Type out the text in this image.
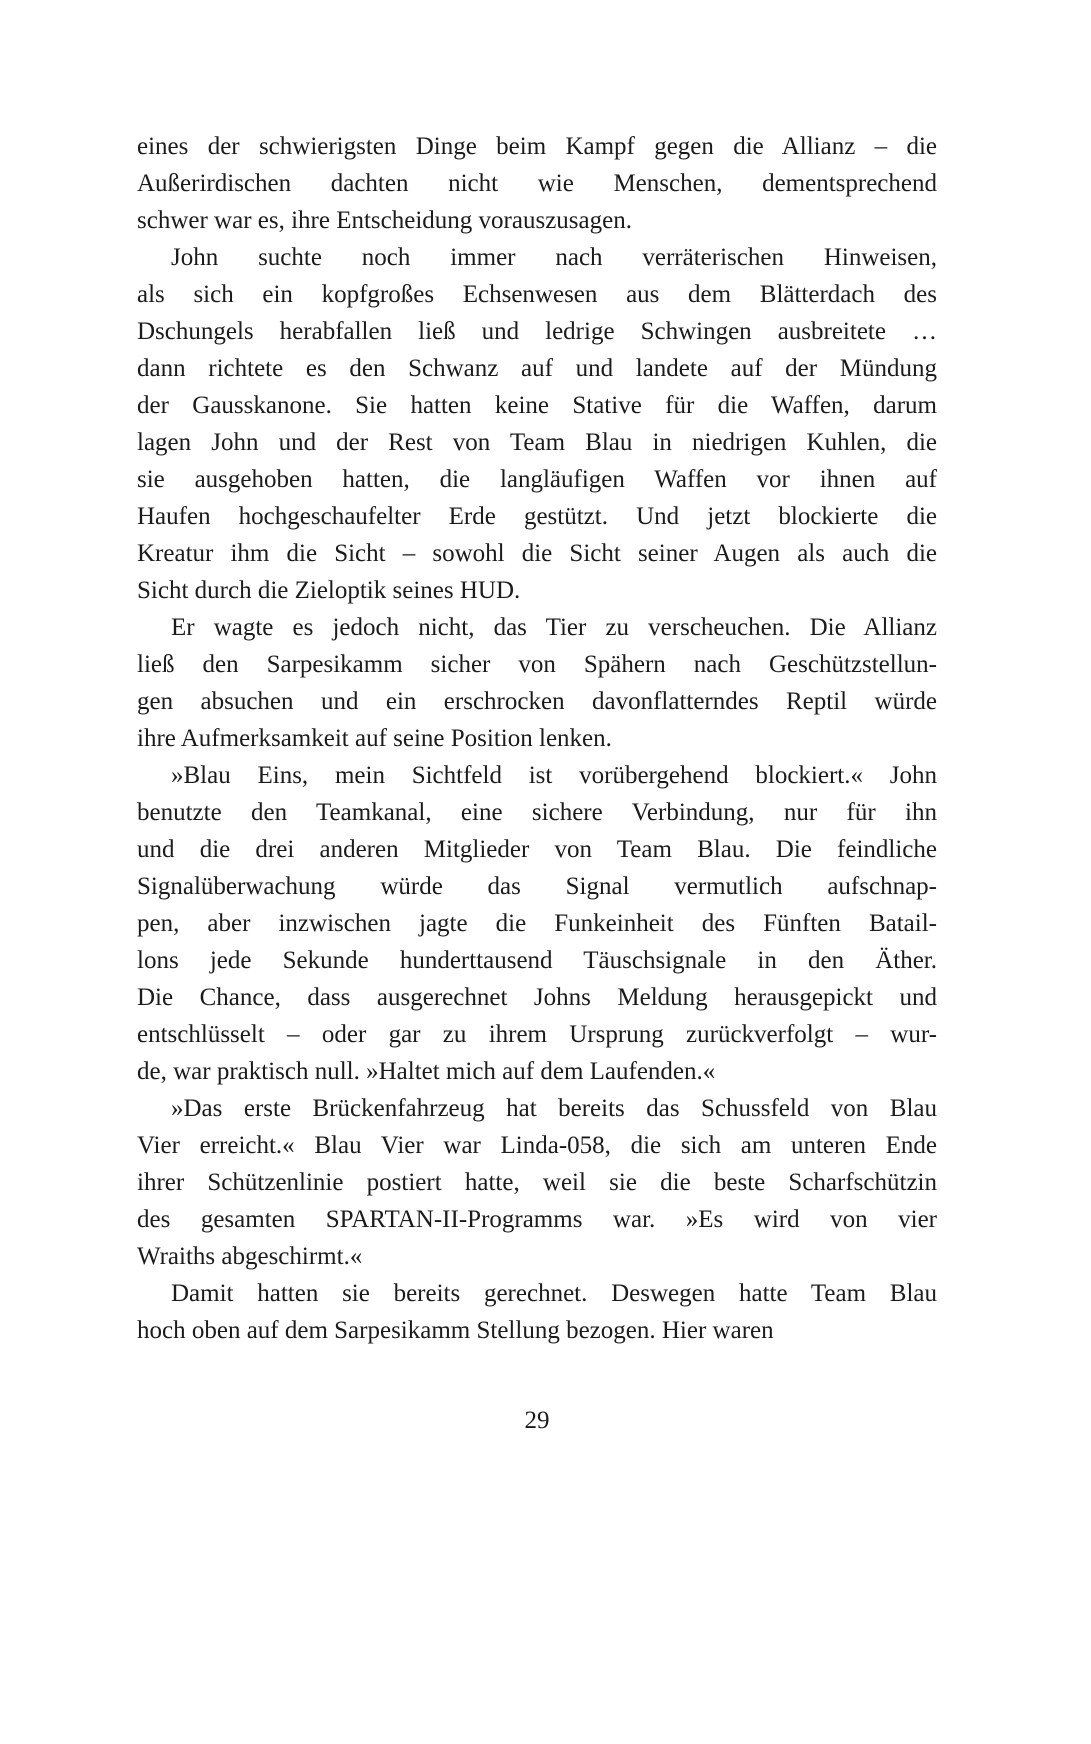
eines der schwierigsten Dinge beim Kampf gegen die Allianz – die
Außerirdischen dachten nicht wie Menschen, dementsprechend
schwer war es, ihre Entscheidung vorauszusagen.
John suchte noch immer nach verräterischen Hinweisen,
als sich ein kopfgroßes Echsenwesen aus dem Blätterdach des
Dschungels herabfallen ließ und ledrige Schwingen ausbreitete …
dann richtete es den Schwanz auf und landete auf der Mündung
der Gausskanone. Sie hatten keine Stative für die Waffen, darum
lagen John und der Rest von Team Blau in niedrigen Kuhlen, die
sie ausgehoben hatten, die langläufigen Waffen vor ihnen auf
Haufen hochgeschaufelter Erde gestützt. Und jetzt blockierte die
Kreatur ihm die Sicht – sowohl die Sicht seiner Augen als auch die
Sicht durch die Zieloptik seines HUD.
Er wagte es jedoch nicht, das Tier zu verscheuchen. Die Allianz
ließ den Sarpesikamm sicher von Spähern nach Geschützstellun-
gen absuchen und ein erschrocken davonflatterndes Reptil würde
ihre Aufmerksamkeit auf seine Position lenken.
»Blau Eins, mein Sichtfeld ist vorübergehend blockiert.« John
benutzte den Teamkanal, eine sichere Verbindung, nur für ihn
und die drei anderen Mitglieder von Team Blau. Die feindliche
Signalüberwachung würde das Signal vermutlich aufschnap-
pen, aber inzwischen jagte die Funkeinheit des Fünften Batail-
lons jede Sekunde hunderttausend Täuschsignale in den Äther.
Die Chance, dass ausgerechnet Johns Meldung herausgepickt und
entschlüsselt – oder gar zu ihrem Ursprung zurückverfolgt – wur-
de, war praktisch null. »Haltet mich auf dem Laufenden.«
»Das erste Brückenfahrzeug hat bereits das Schussfeld von Blau
Vier erreicht.« Blau Vier war Linda-058, die sich am unteren Ende
ihrer Schützenlinie postiert hatte, weil sie die beste Scharfschützin
des gesamten SPARTAN-II-Programms war. »Es wird von vier
Wraiths abgeschirmt.«
Damit hatten sie bereits gerechnet. Deswegen hatte Team Blau
hoch oben auf dem Sarpesikamm Stellung bezogen. Hier waren
29
